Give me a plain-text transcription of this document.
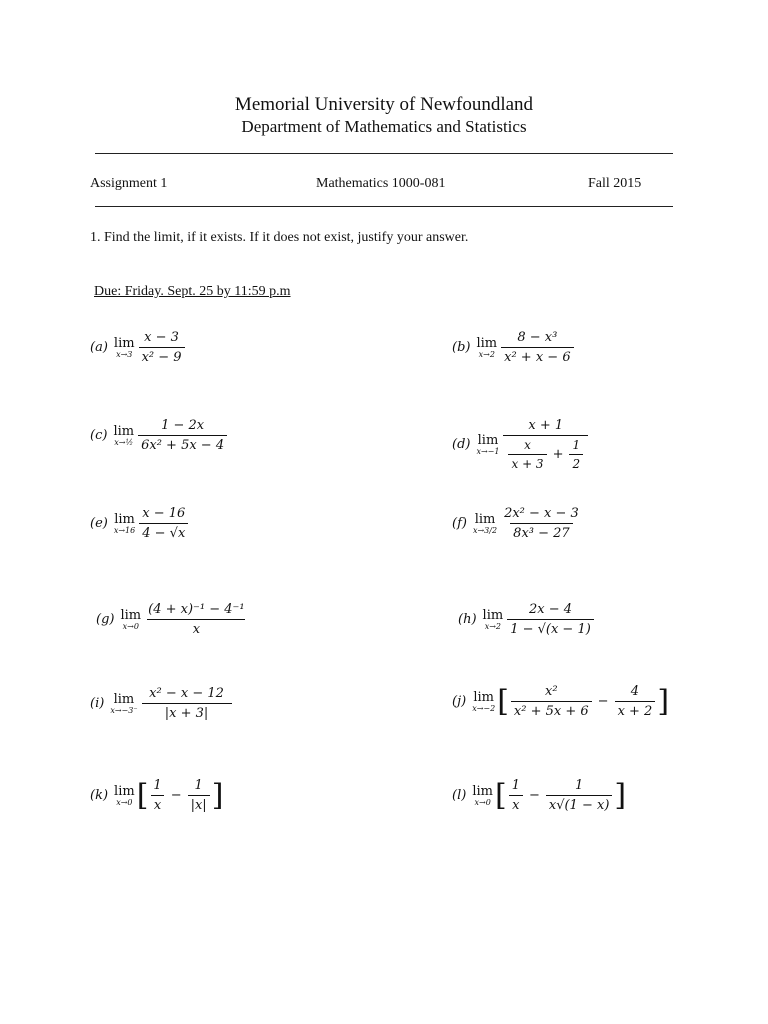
Memorial University of Newfoundland
Department of Mathematics and Statistics
Assignment 1	Mathematics 1000-081	Fall 2015
1. Find the limit, if it exists. If it does not exist, justify your answer.
Due: Friday. Sept. 25 by 11:59 p.m
(a) lim
$x\to 3 \frac{x - 3}{\text{x² − 9}}$	(b) lim
$x\to 2 \frac{\text{8 − x³}}{\text{x² + x − 6}}$
(c) lim
x→½ $\frac{1 - 2x}{\text{6x² + 5x − 4}}$	(d) lim
$x\to-1 \frac{x + 1}{\frac{x}{x + 3} + \frac{1}{2}}$
(e) lim
$x\to 16 \frac{x - 16}{4 - √x}$	(f) lim
$x\to 3/2 \frac{\text{2x² − x − 3}}{\text{8x³ − 27}}$
(g) lim
$x\to 0 \frac{\text{(4 + x)⁻¹ − 4⁻¹}}{x}$	(h) lim
$x\to 2 \frac{2x - 4}{1 - √(x - 1)}$
(i) lim
$x\to-3^- \frac{\text{x² − x − 12}}{|x + 3|}$	(j) lim
x→−2 [ $\frac{\text{x²}}{\text{x² + 5x + 6}} - \frac{4}{x + 2}$ ]
(k) lim
x→0 [ $\frac{1}{x} - \frac{1}{|x|}$ ]	(l) lim
x→0 [ $\frac{1}{x} - \frac{1}{x√(1 - x)}$ ]
